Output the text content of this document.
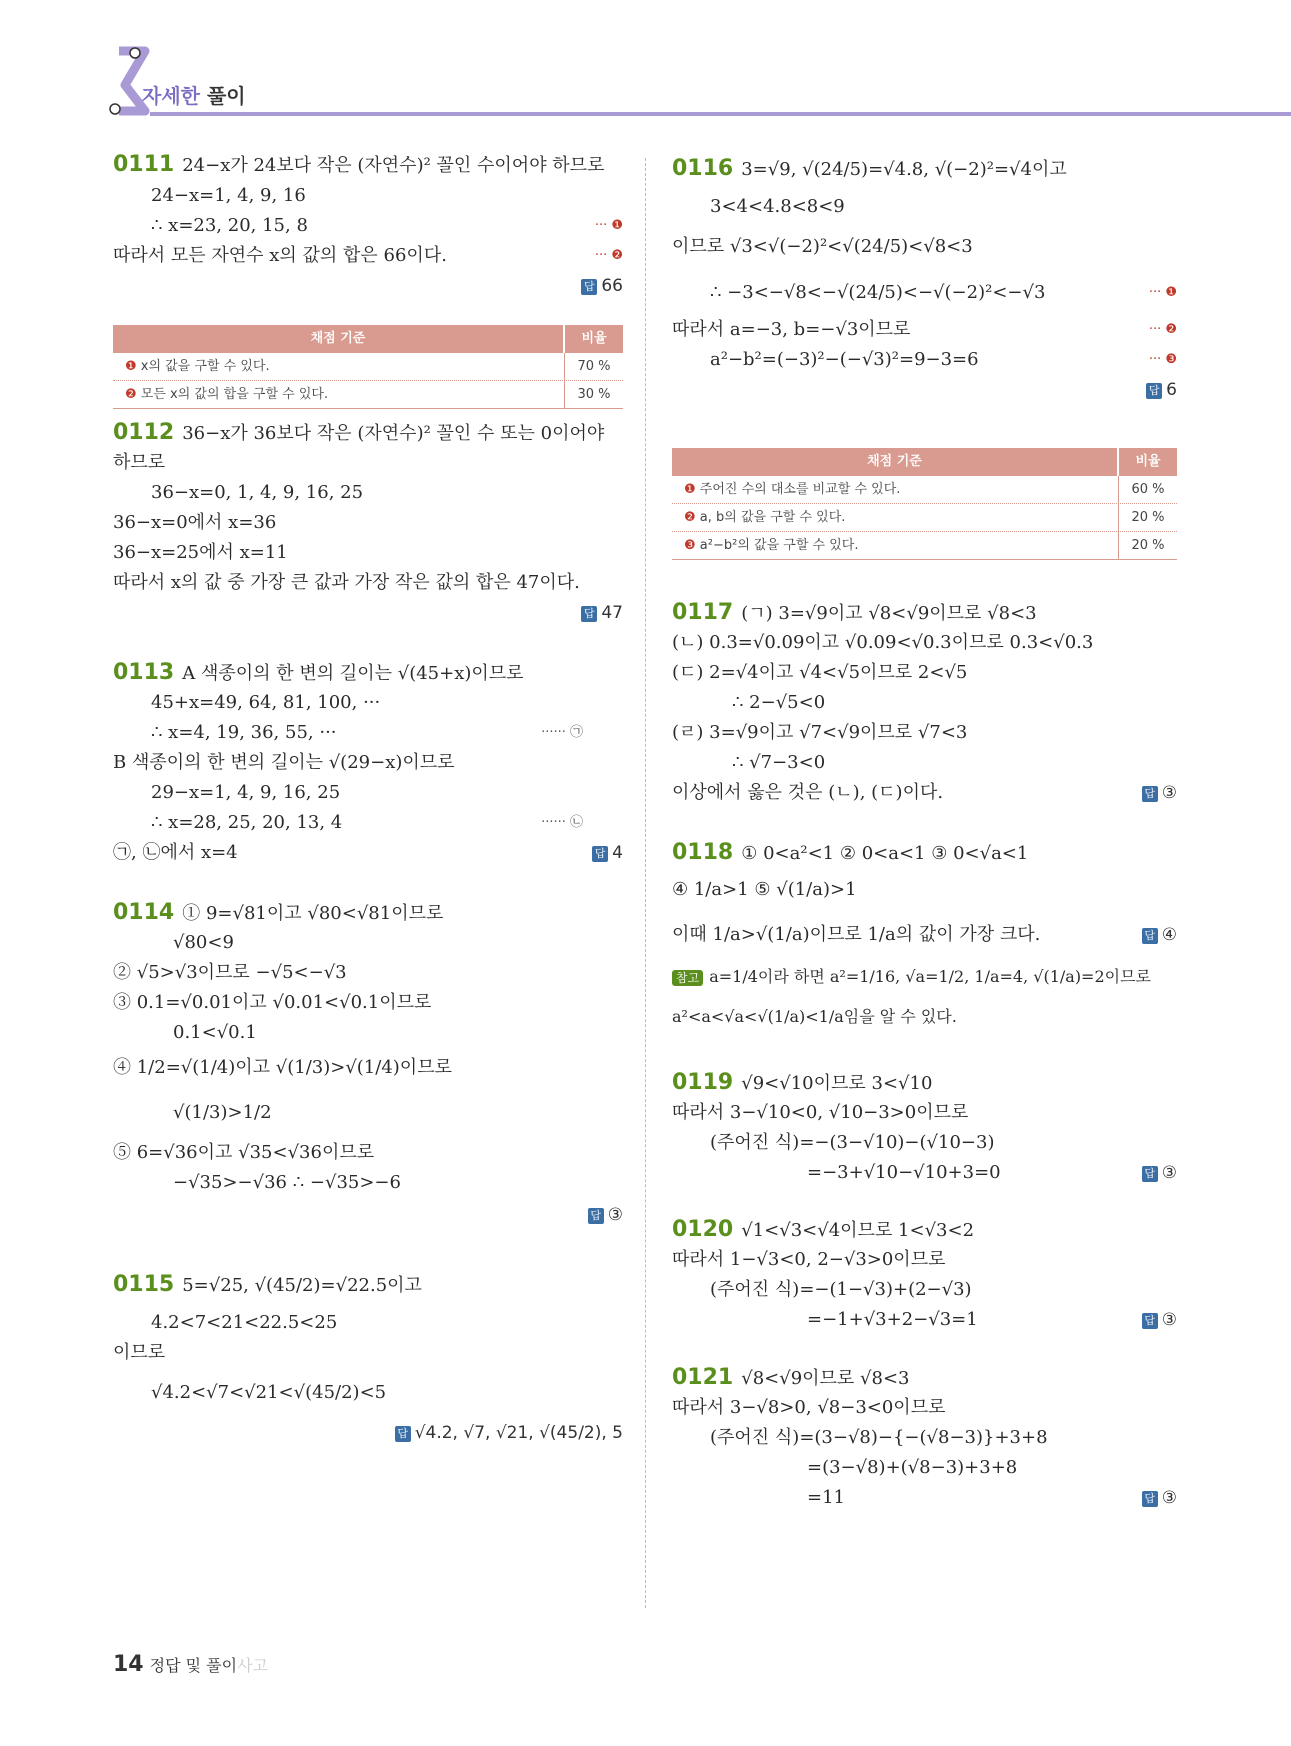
자세한 풀이
0111 24−x가 24보다 작은 (자연수)² 꼴인 수이어야 하므로
24−x=1, 4, 9, 16
∴ x=23, 20, 15, 8	··· ❶
따라서 모든 자연수 x의 값의 합은 66이다.	··· ❷
답 66
채점 기준	비율
❶ x의 값을 구할 수 있다.	70 %
❷ 모든 x의 값의 합을 구할 수 있다.	30 %
0112 36−x가 36보다 작은 (자연수)² 꼴인 수 또는 0이어야
하므로
36−x=0, 1, 4, 9, 16, 25
36−x=0에서 x=36
36−x=25에서 x=11
따라서 x의 값 중 가장 큰 값과 가장 작은 값의 합은 47이다.
답 47
0113 A 색종이의 한 변의 길이는 √(45+x)이므로
45+x=49, 64, 81, 100, ···
∴ x=4, 19, 36, 55, ···	······ ㉠
B 색종이의 한 변의 길이는 √(29−x)이므로
29−x=1, 4, 9, 16, 25
∴ x=28, 25, 20, 13, 4	······ ㉡
㉠, ㉡에서 x=4	답 4
0114 ① 9=√81이고 √80<√81이므로
√80<9
② √5>√3이므로 −√5<−√3
③ 0.1=√0.01이고 √0.01<√0.1이므로
0.1<√0.1
④ 1/2=√(1/4)이고 √(1/3)>√(1/4)이므로
√(1/3)>1/2
⑤ 6=√36이고 √35<√36이므로
−√35>−√36 ∴ −√35>−6
답 ③
0115 5=√25, √(45/2)=√22.5이고
4.2<7<21<22.5<25
이므로
√4.2<√7<√21<√(45/2)<5
답 √4.2, √7, √21, √(45/2), 5
0116 3=√9, √(24/5)=√4.8, √(−2)²=√4이고
3<4<4.8<8<9
이므로 √3<√(−2)²<√(24/5)<√8<3
∴ −3<−√8<−√(24/5)<−√(−2)²<−√3	··· ❶
따라서 a=−3, b=−√3이므로	··· ❷
a²−b²=(−3)²−(−√3)²=9−3=6	··· ❸
답 6
채점 기준	비율
❶ 주어진 수의 대소를 비교할 수 있다.	60 %
❷ a, b의 값을 구할 수 있다.	20 %
❸ a²−b²의 값을 구할 수 있다.	20 %
0117 (ㄱ) 3=√9이고 √8<√9이므로 √8<3
(ㄴ) 0.3=√0.09이고 √0.09<√0.3이므로 0.3<√0.3
(ㄷ) 2=√4이고 √4<√5이므로 2<√5
∴ 2−√5<0
(ㄹ) 3=√9이고 √7<√9이므로 √7<3
∴ √7−3<0
이상에서 옳은 것은 (ㄴ), (ㄷ)이다.	답 ③
0118 ① 0<a²<1 ② 0<a<1 ③ 0<√a<1
④ 1/a>1 ⑤ √(1/a)>1
이때 1/a>√(1/a)이므로 1/a의 값이 가장 크다.	답 ④
참고 a=1/4이라 하면 a²=1/16, √a=1/2, 1/a=4, √(1/a)=2이므로
a²<a<√a<√(1/a)<1/a임을 알 수 있다.
0119 √9<√10이므로 3<√10
따라서 3−√10<0, √10−3>0이므로
(주어진 식)=−(3−√10)−(√10−3)
=−3+√10−√10+3=0	답 ③
0120 √1<√3<√4이므로 1<√3<2
따라서 1−√3<0, 2−√3>0이므로
(주어진 식)=−(1−√3)+(2−√3)
=−1+√3+2−√3=1	답 ③
0121 √8<√9이므로 √8<3
따라서 3−√8>0, √8−3<0이므로
(주어진 식)=(3−√8)−{−(√8−3)}+3+8
=(3−√8)+(√8−3)+3+8
=11	답 ③
14 정답 및 풀이사고
